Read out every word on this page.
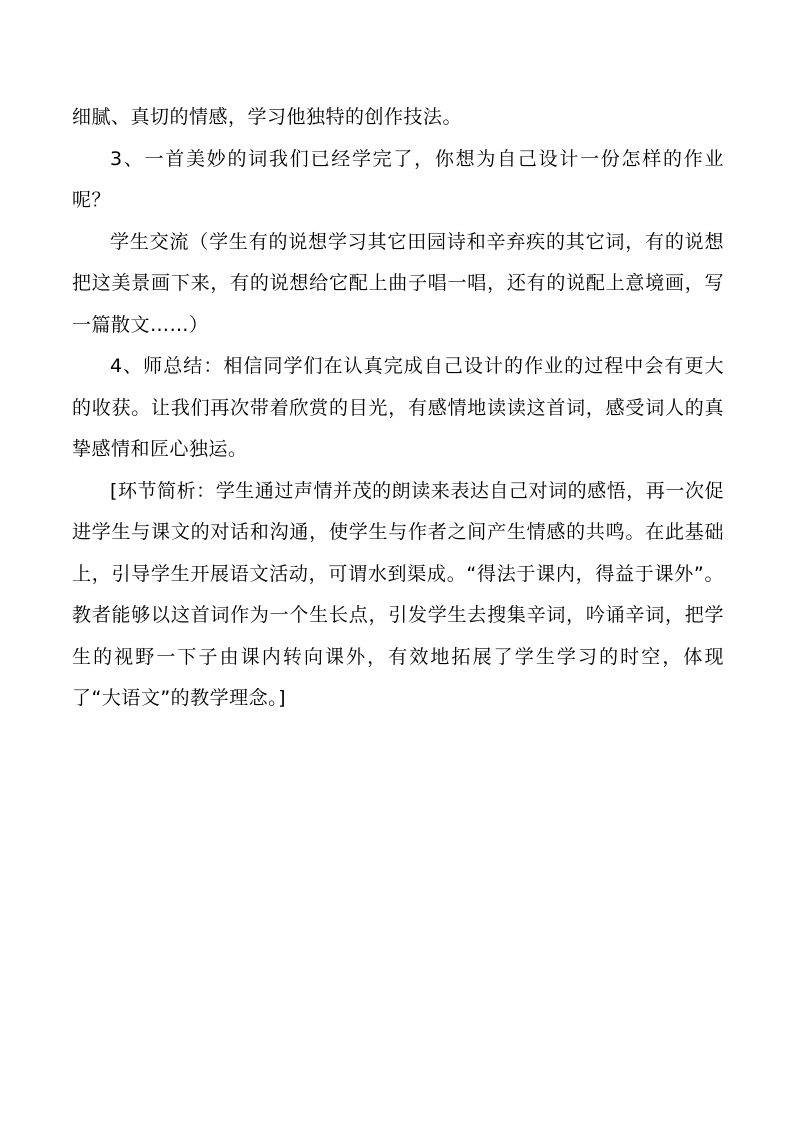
细腻、真切的情感，学习他独特的创作技法。

3、一首美妙的词我们已经学完了，你想为自己设计一份怎样的作业呢？

学生交流（学生有的说想学习其它田园诗和辛弃疾的其它词，有的说想把这美景画下来，有的说想给它配上曲子唱一唱，还有的说配上意境画，写一篇散文……）

4、师总结：相信同学们在认真完成自己设计的作业的过程中会有更大的收获。让我们再次带着欣赏的目光，有感情地读读这首词，感受词人的真挚感情和匠心独运。

[环节简析：学生通过声情并茂的朗读来表达自己对词的感悟，再一次促进学生与课文的对话和沟通，使学生与作者之间产生情感的共鸣。在此基础上，引导学生开展语文活动，可谓水到渠成。“得法于课内，得益于课外”。教者能够以这首词作为一个生长点，引发学生去搜集辛词，吟诵辛词，把学生的视野一下子由课内转向课外，有效地拓展了学生学习的时空，体现了“大语文”的教学理念。]
